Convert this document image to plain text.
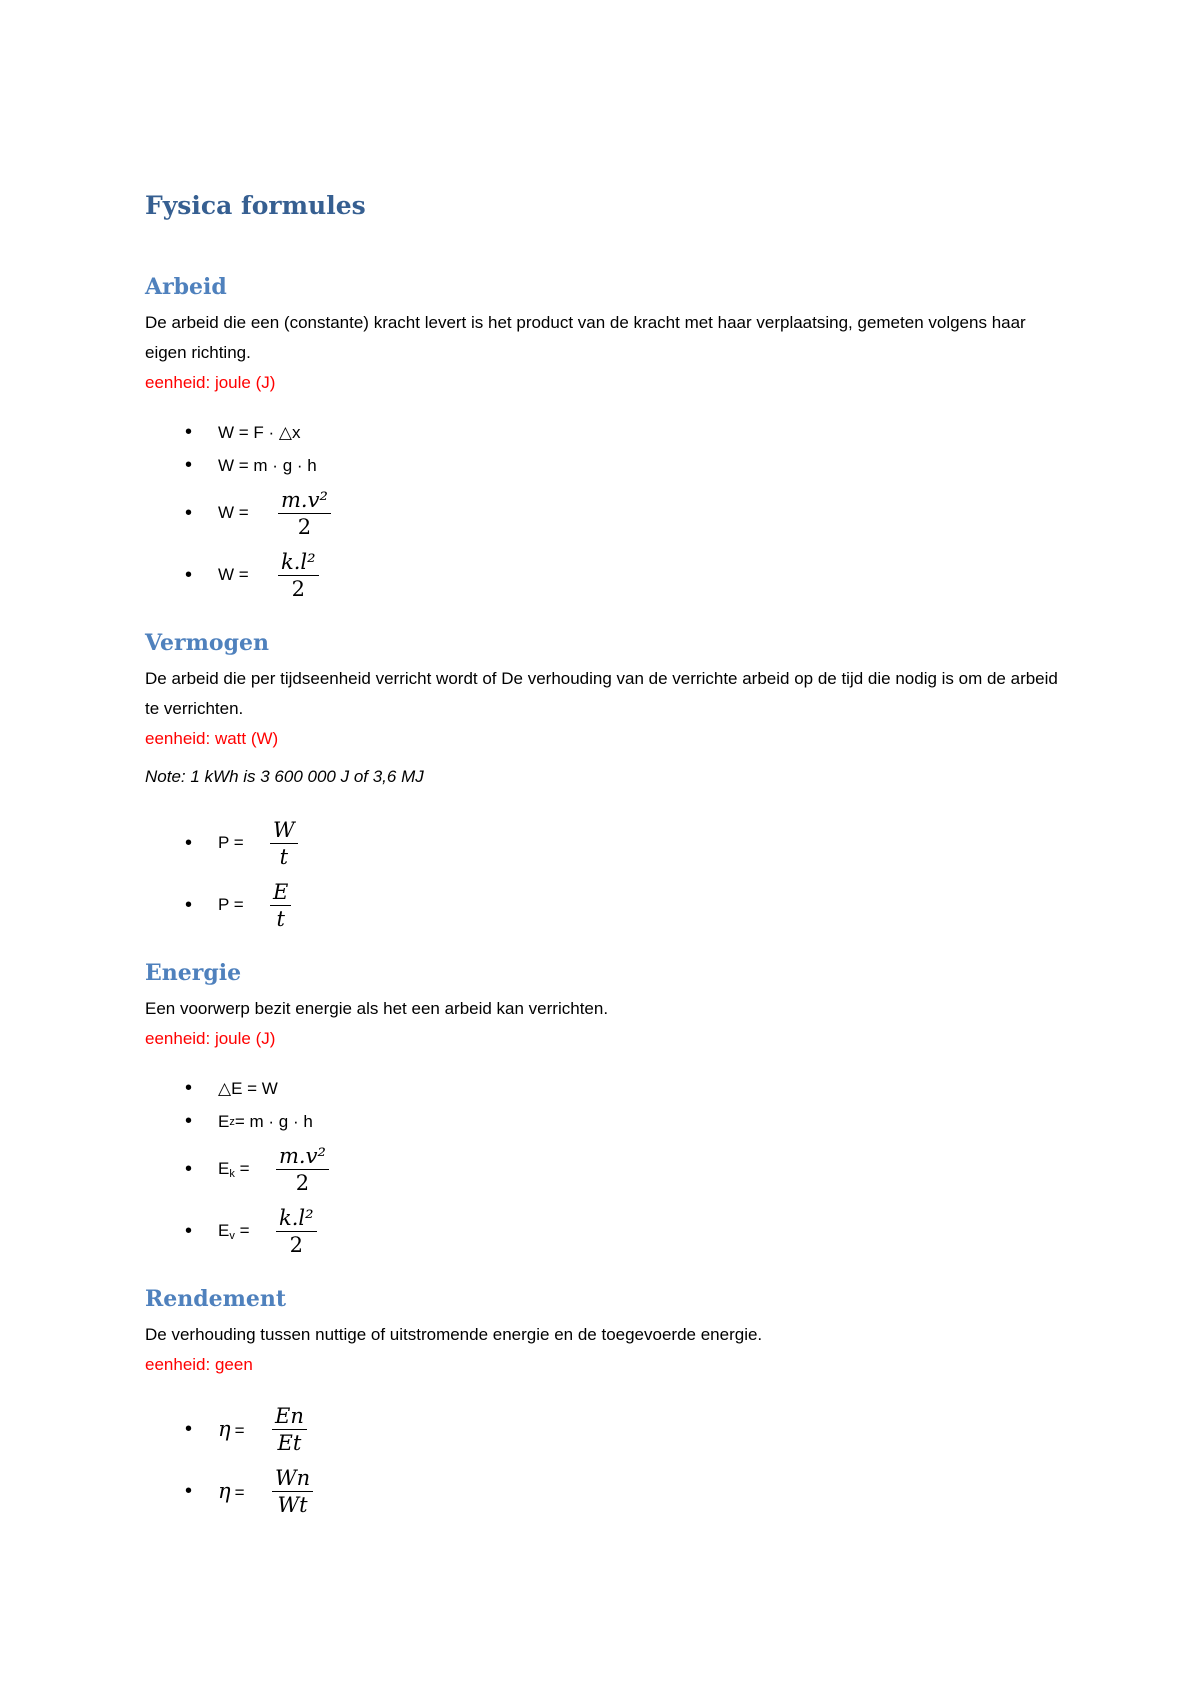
Fysica formules
Arbeid

De arbeid die een (constante) kracht levert is het product van de kracht met haar verplaatsing, gemeten volgens haar eigen richting.

eenheid: joule (J)

• W = F · △x
• W = m · g · h
• W =	$\frac{\text{m.v²}}{2}$
• W =	$\frac{\text{k.l²}}{2}$
Vermogen

De arbeid die per tijdseenheid verricht wordt of De verhouding van de verrichte arbeid op de tijd die nodig is om de arbeid te verrichten.

eenheid: watt (W)

Note: 1 kWh is 3 600 000 J of 3,6 MJ

• P =	$\frac{W}{t}$
• P =	$\frac{E}{t}$
Energie

Een voorwerp bezit energie als het een arbeid kan verrichten.

eenheid: joule (J)

• △E = W
• E z = m · g · h
• $E_k$ =	$\frac{\text{m.v²}}{2}$
• $E_v$ =	$\frac{\text{k.l²}}{2}$
Rendement

De verhouding tussen nuttige of uitstromende energie en de toegevoerde energie.

eenheid: geen

• η =	$\frac{En}{Et}$
• η =	$\frac{Wn}{Wt}$
